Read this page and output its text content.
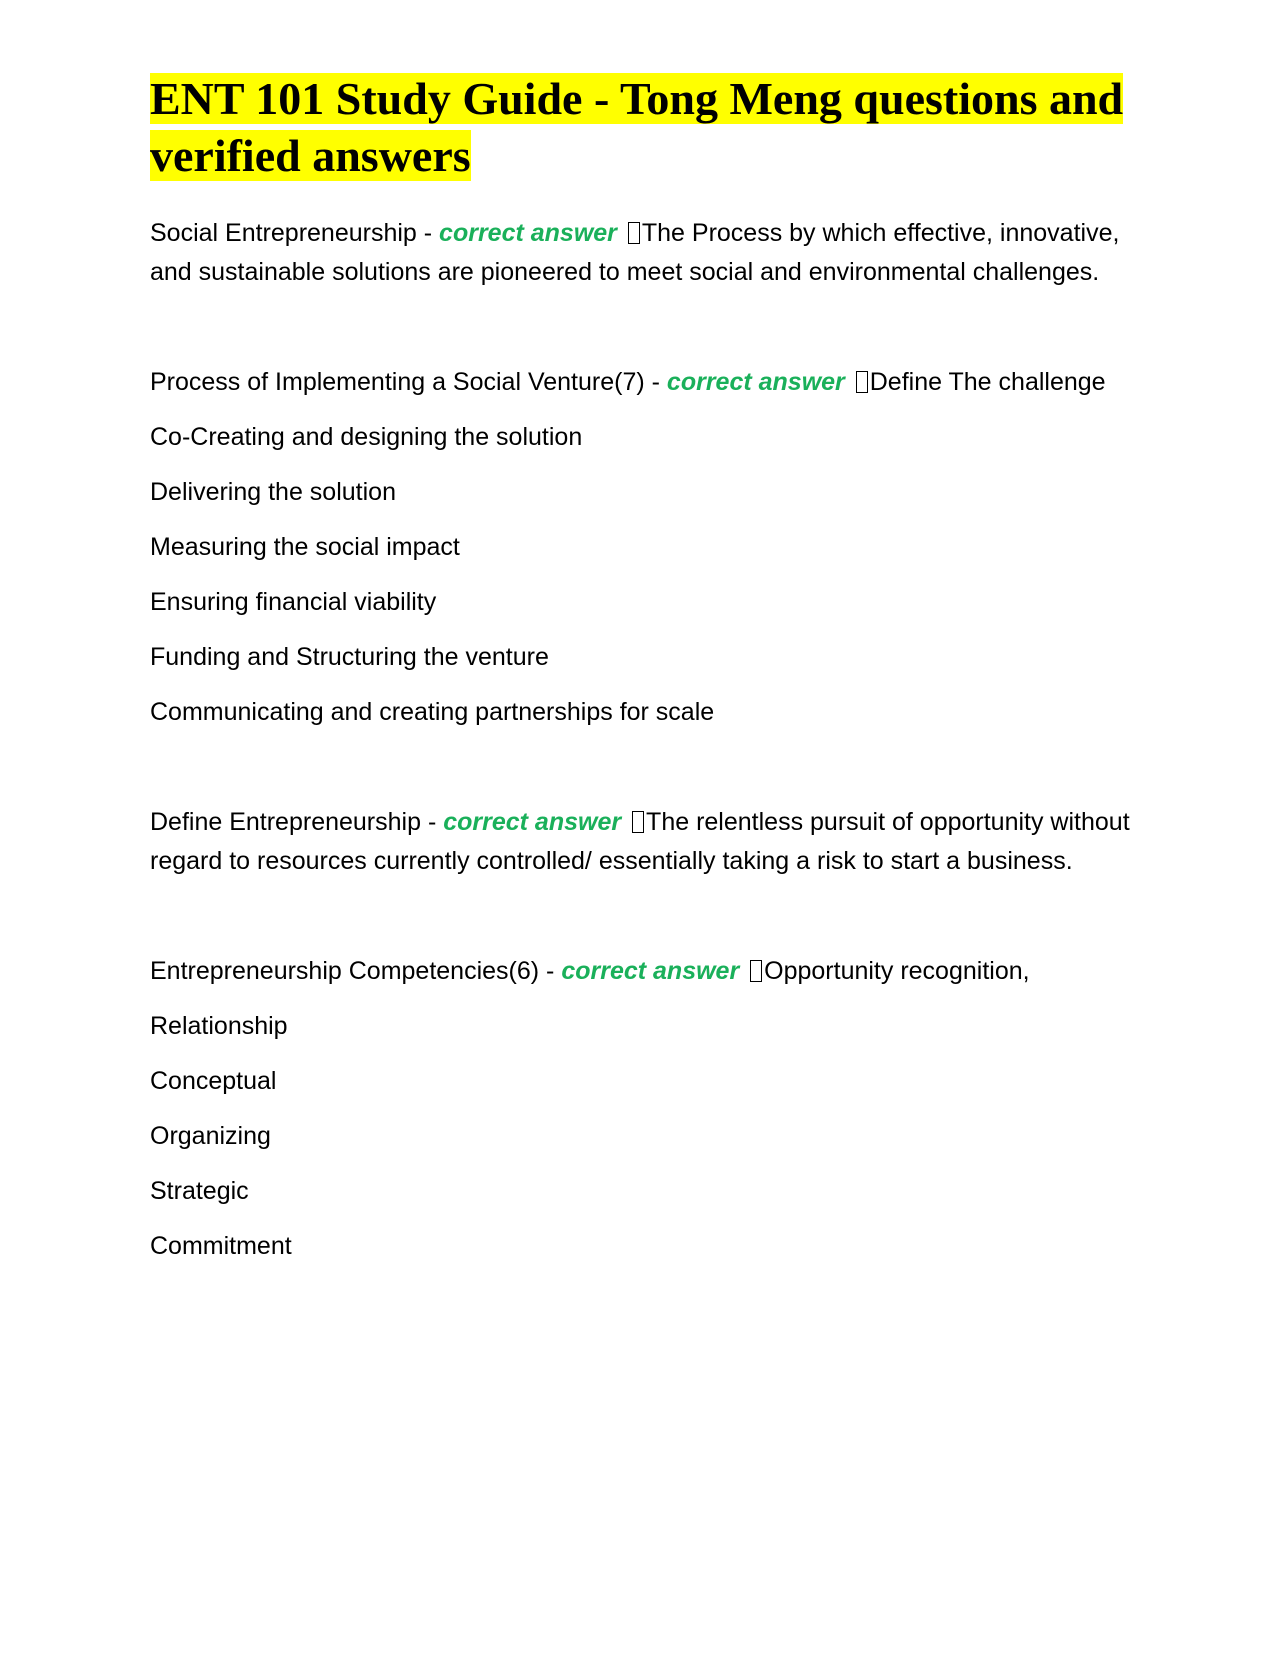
ENT 101 Study Guide - Tong Meng questions and verified answers

Social Entrepreneurship - correct answer The Process by which effective, innovative, and sustainable solutions are pioneered to meet social and environmental challenges.

Process of Implementing a Social Venture(7) - correct answer Define The challenge

Co-Creating and designing the solution

Delivering the solution

Measuring the social impact

Ensuring financial viability

Funding and Structuring the venture

Communicating and creating partnerships for scale

Define Entrepreneurship - correct answer The relentless pursuit of opportunity without regard to resources currently controlled/ essentially taking a risk to start a business.

Entrepreneurship Competencies(6) - correct answer Opportunity recognition,

Relationship

Conceptual

Organizing

Strategic

Commitment
